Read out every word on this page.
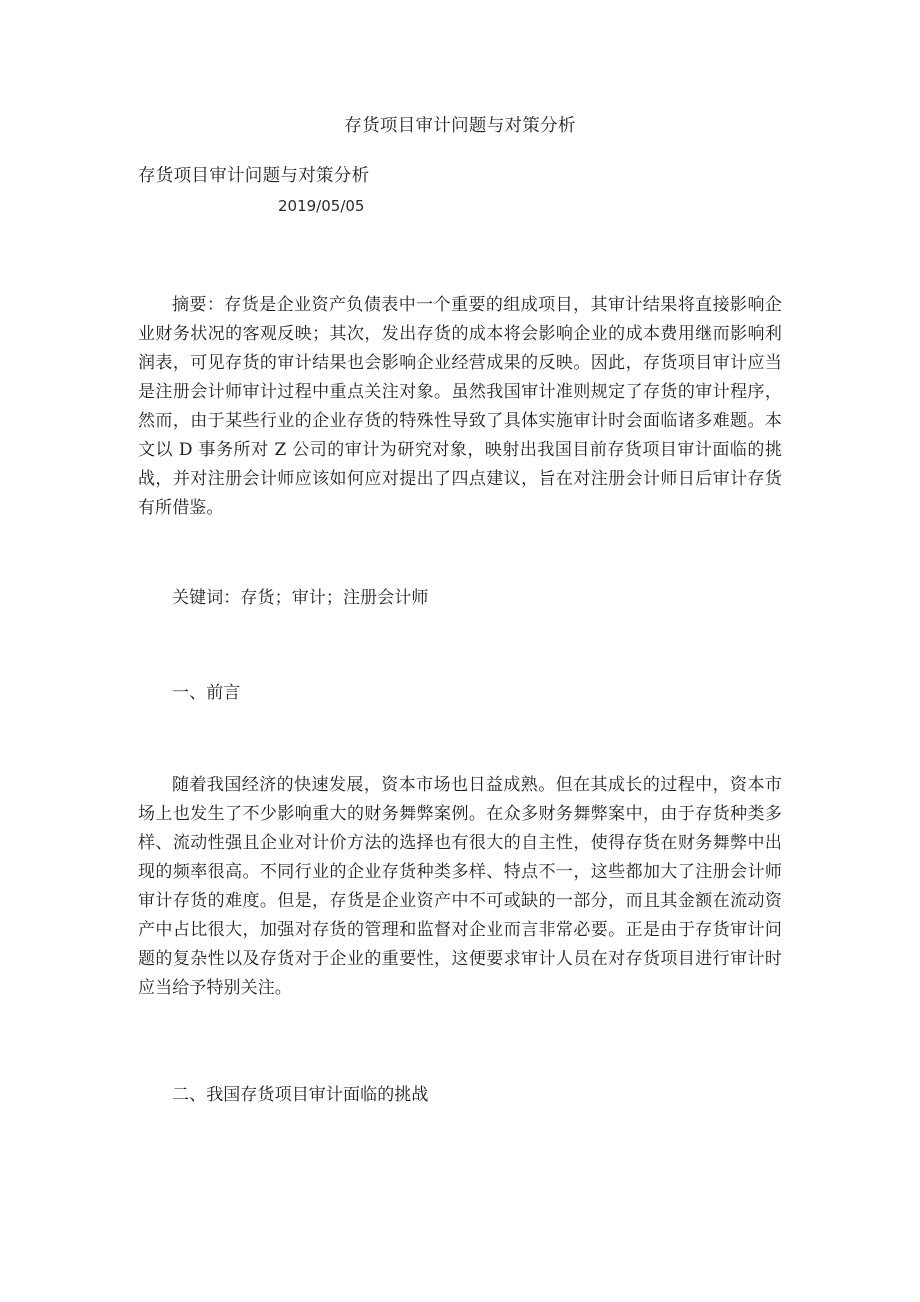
存货项目审计问题与对策分析

存货项目审计问题与对策分析

2019/05/05

摘要：存货是企业资产负债表中一个重要的组成项目，其审计结果将直接影响企业财务状况的客观反映；其次，发出存货的成本将会影响企业的成本费用继而影响利润表，可见存货的审计结果也会影响企业经营成果的反映。因此，存货项目审计应当是注册会计师审计过程中重点关注对象。虽然我国审计准则规定了存货的审计程序，然而，由于某些行业的企业存货的特殊性导致了具体实施审计时会面临诸多难题。本文以 D 事务所对 Z 公司的审计为研究对象，映射出我国目前存货项目审计面临的挑战，并对注册会计师应该如何应对提出了四点建议，旨在对注册会计师日后审计存货有所借鉴。

关键词：存货；审计；注册会计师

一、前言

随着我国经济的快速发展，资本市场也日益成熟。但在其成长的过程中，资本市场上也发生了不少影响重大的财务舞弊案例。在众多财务舞弊案中，由于存货种类多样、流动性强且企业对计价方法的选择也有很大的自主性，使得存货在财务舞弊中出现的频率很高。不同行业的企业存货种类多样、特点不一，这些都加大了注册会计师审计存货的难度。但是，存货是企业资产中不可或缺的一部分，而且其金额在流动资产中占比很大，加强对存货的管理和监督对企业而言非常必要。正是由于存货审计问题的复杂性以及存货对于企业的重要性，这便要求审计人员在对存货项目进行审计时应当给予特别关注。

二、我国存货项目审计面临的挑战
